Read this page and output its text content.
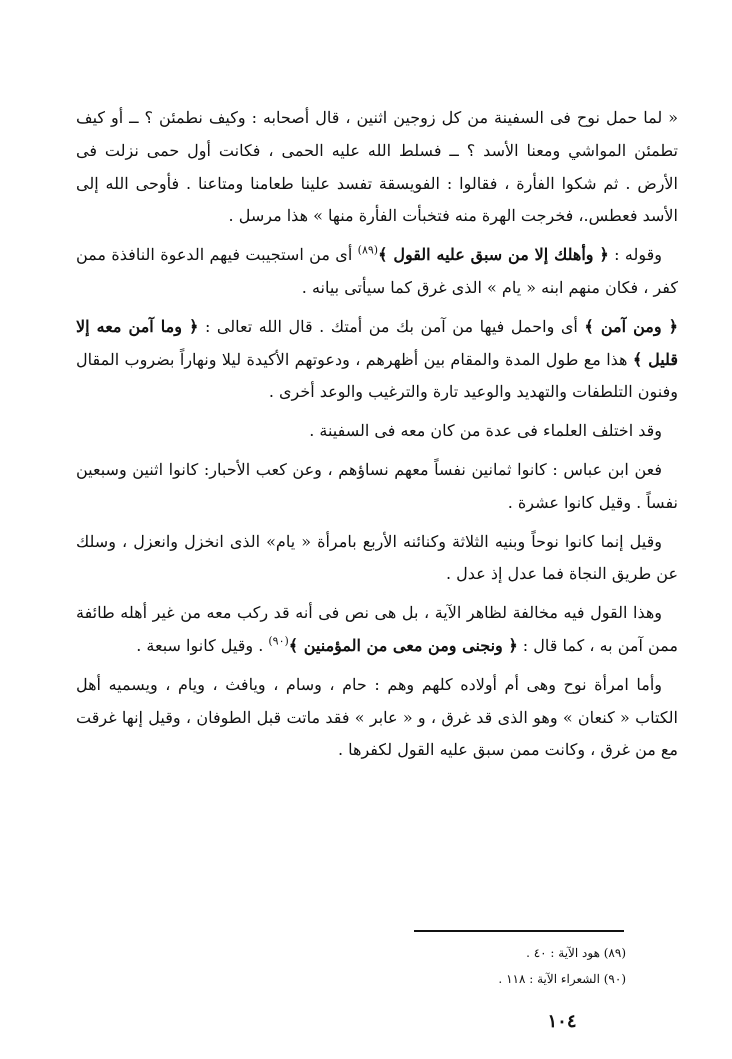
« لما حمل نوح فى السفينة من كل زوجين اثنين ، قال أصحابه : وكيف نطمئن ؟ ــ أو كيف تطمئن المواشي ومعنا الأسد ؟ ــ فسلط الله عليه الحمى ، فكانت أول حمى نزلت فى الأرض . ثم شكوا الفأرة ، فقالوا : الفويسقة تفسد علينا طعامنا ومتاعنا . فأوحى الله إلى الأسد فعطس.، فخرجت الهرة منه فتخبأت الفأرة منها » هذا مرسل .

وقوله : ﴿ وأهلك إلا من سبق عليه القول ﴾$^{(٨٩)}$ أى من استجيبت فيهم الدعوة النافذة ممن كفر ، فكان منهم ابنه « يام » الذى غرق كما سيأتى بيانه .

﴿ ومن آمن ﴾ أى واحمل فيها من آمن بك من أمتك . قال الله تعالى : ﴿ وما آمن معه إلا قليل ﴾ هذا مع طول المدة والمقام بين أظهرهم ، ودعوتهم الأكيدة ليلا ونهاراً بضروب المقال وفنون التلطفات والتهديد والوعيد تارة والترغيب والوعد أخرى .

وقد اختلف العلماء فى عدة من كان معه فى السفينة .

فعن ابن عباس : كانوا ثمانين نفساً معهم نساؤهم ، وعن كعب الأحبار: كانوا اثنين وسبعين نفساً . وقيل كانوا عشرة .

وقيل إنما كانوا نوحاً وبنيه الثلاثة وكنائنه الأربع بامرأة « يام» الذى انخزل وانعزل ، وسلك عن طريق النجاة فما عدل إذ عدل .

وهذا القول فيه مخالفة لظاهر الآية ، بل هى نص فى أنه قد ركب معه من غير أهله طائفة ممن آمن به ، كما قال : ﴿ ونجنى ومن معى من المؤمنين ﴾$^{(٩٠)}$ . وقيل كانوا سبعة .

وأما امرأة نوح وهى أم أولاده كلهم وهم : حام ، وسام ، ويافث ، ويام ، ويسميه أهل الكتاب « كنعان » وهو الذى قد غرق ، و « عابر » فقد ماتت قبل الطوفان ، وقيل إنها غرقت مع من غرق ، وكانت ممن سبق عليه القول لكفرها .

(٨٩) هود الآية : ٤٠ .
(٩٠) الشعراء الآية : ١١٨ .
١٠٤
